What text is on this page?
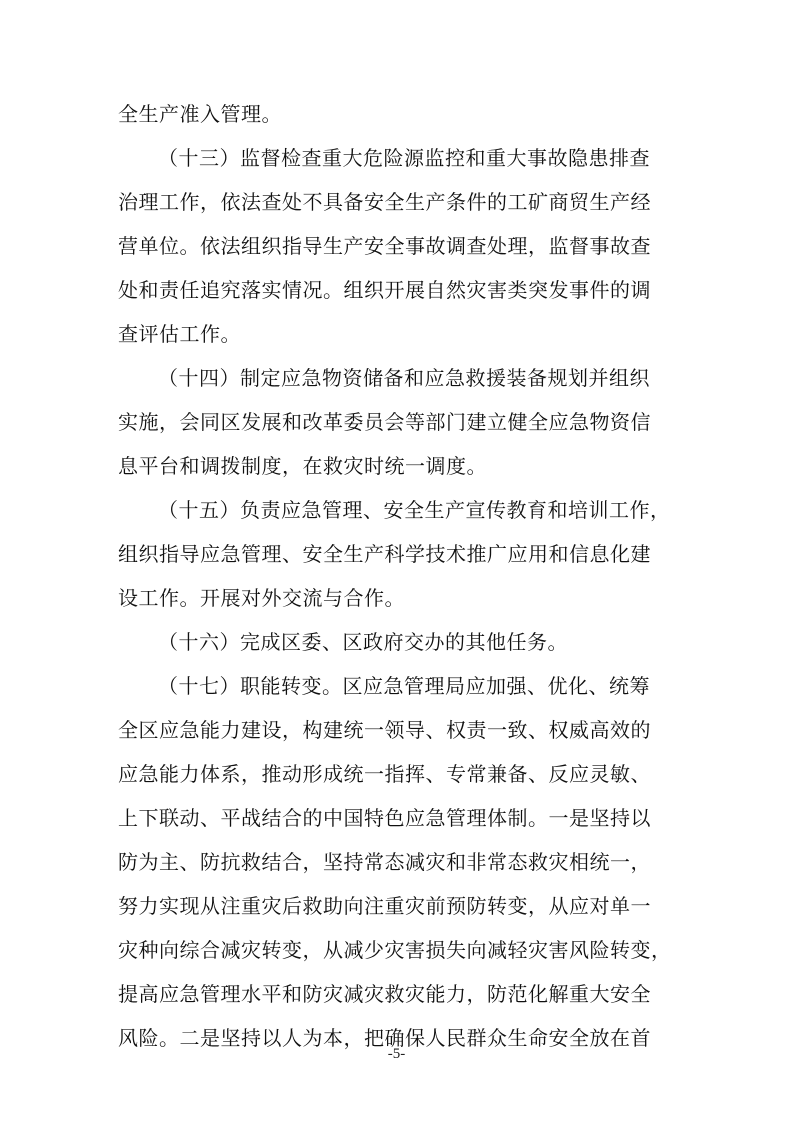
全生产准入管理。
（十三）监督检查重大危险源监控和重大事故隐患排查
治理工作，依法查处不具备安全生产条件的工矿商贸生产经
营单位。依法组织指导生产安全事故调查处理，监督事故查
处和责任追究落实情况。组织开展自然灾害类突发事件的调
查评估工作。
（十四）制定应急物资储备和应急救援装备规划并组织
实施，会同区发展和改革委员会等部门建立健全应急物资信
息平台和调拨制度，在救灾时统一调度。
（十五）负责应急管理、安全生产宣传教育和培训工作，
组织指导应急管理、安全生产科学技术推广应用和信息化建
设工作。开展对外交流与合作。
（十六）完成区委、区政府交办的其他任务。
（十七）职能转变。区应急管理局应加强、优化、统筹
全区应急能力建设，构建统一领导、权责一致、权威高效的
应急能力体系，推动形成统一指挥、专常兼备、反应灵敏、
上下联动、平战结合的中国特色应急管理体制。一是坚持以
防为主、防抗救结合，坚持常态减灾和非常态救灾相统一，
努力实现从注重灾后救助向注重灾前预防转变，从应对单一
灾种向综合减灾转变，从减少灾害损失向减轻灾害风险转变，
提高应急管理水平和防灾减灾救灾能力，防范化解重大安全
风险。二是坚持以人为本，把确保人民群众生命安全放在首
-5-
